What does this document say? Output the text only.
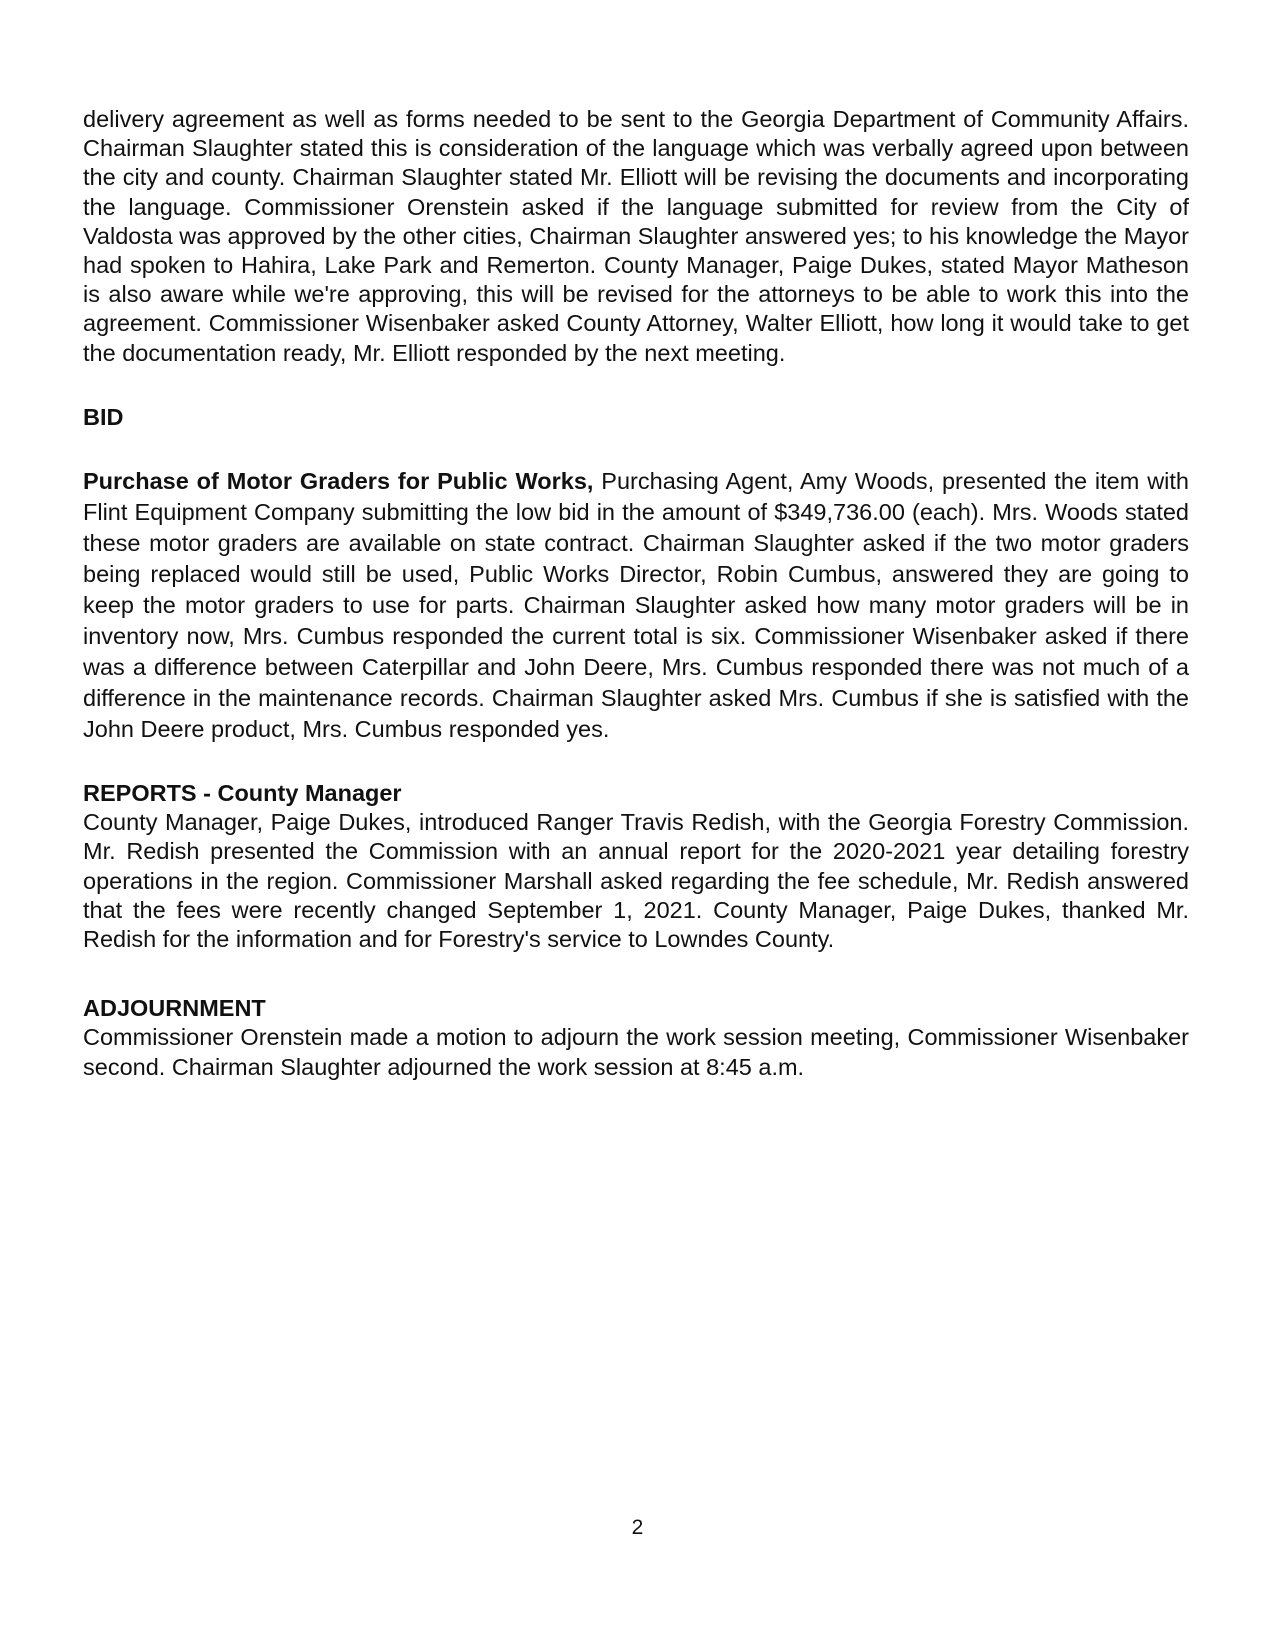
delivery agreement as well as forms needed to be sent to the Georgia Department of Community Affairs. Chairman Slaughter stated this is consideration of the language which was verbally agreed upon between the city and county. Chairman Slaughter stated Mr. Elliott will be revising the documents and incorporating the language. Commissioner Orenstein asked if the language submitted for review from the City of Valdosta was approved by the other cities, Chairman Slaughter answered yes; to his knowledge the Mayor had spoken to Hahira, Lake Park and Remerton. County Manager, Paige Dukes, stated Mayor Matheson is also aware while we're approving, this will be revised for the attorneys to be able to work this into the agreement. Commissioner Wisenbaker asked County Attorney, Walter Elliott, how long it would take to get the documentation ready, Mr. Elliott responded by the next meeting.

BID

Purchase of Motor Graders for Public Works, Purchasing Agent, Amy Woods, presented the item with Flint Equipment Company submitting the low bid in the amount of $349,736.00 (each). Mrs. Woods stated these motor graders are available on state contract. Chairman Slaughter asked if the two motor graders being replaced would still be used, Public Works Director, Robin Cumbus, answered they are going to keep the motor graders to use for parts. Chairman Slaughter asked how many motor graders will be in inventory now, Mrs. Cumbus responded the current total is six. Commissioner Wisenbaker asked if there was a difference between Caterpillar and John Deere, Mrs. Cumbus responded there was not much of a difference in the maintenance records. Chairman Slaughter asked Mrs. Cumbus if she is satisfied with the John Deere product, Mrs. Cumbus responded yes.

REPORTS - County Manager

County Manager, Paige Dukes, introduced Ranger Travis Redish, with the Georgia Forestry Commission. Mr. Redish presented the Commission with an annual report for the 2020-2021 year detailing forestry operations in the region. Commissioner Marshall asked regarding the fee schedule, Mr. Redish answered that the fees were recently changed September 1, 2021. County Manager, Paige Dukes, thanked Mr. Redish for the information and for Forestry's service to Lowndes County.

ADJOURNMENT

Commissioner Orenstein made a motion to adjourn the work session meeting, Commissioner Wisenbaker second. Chairman Slaughter adjourned the work session at 8:45 a.m.

2
